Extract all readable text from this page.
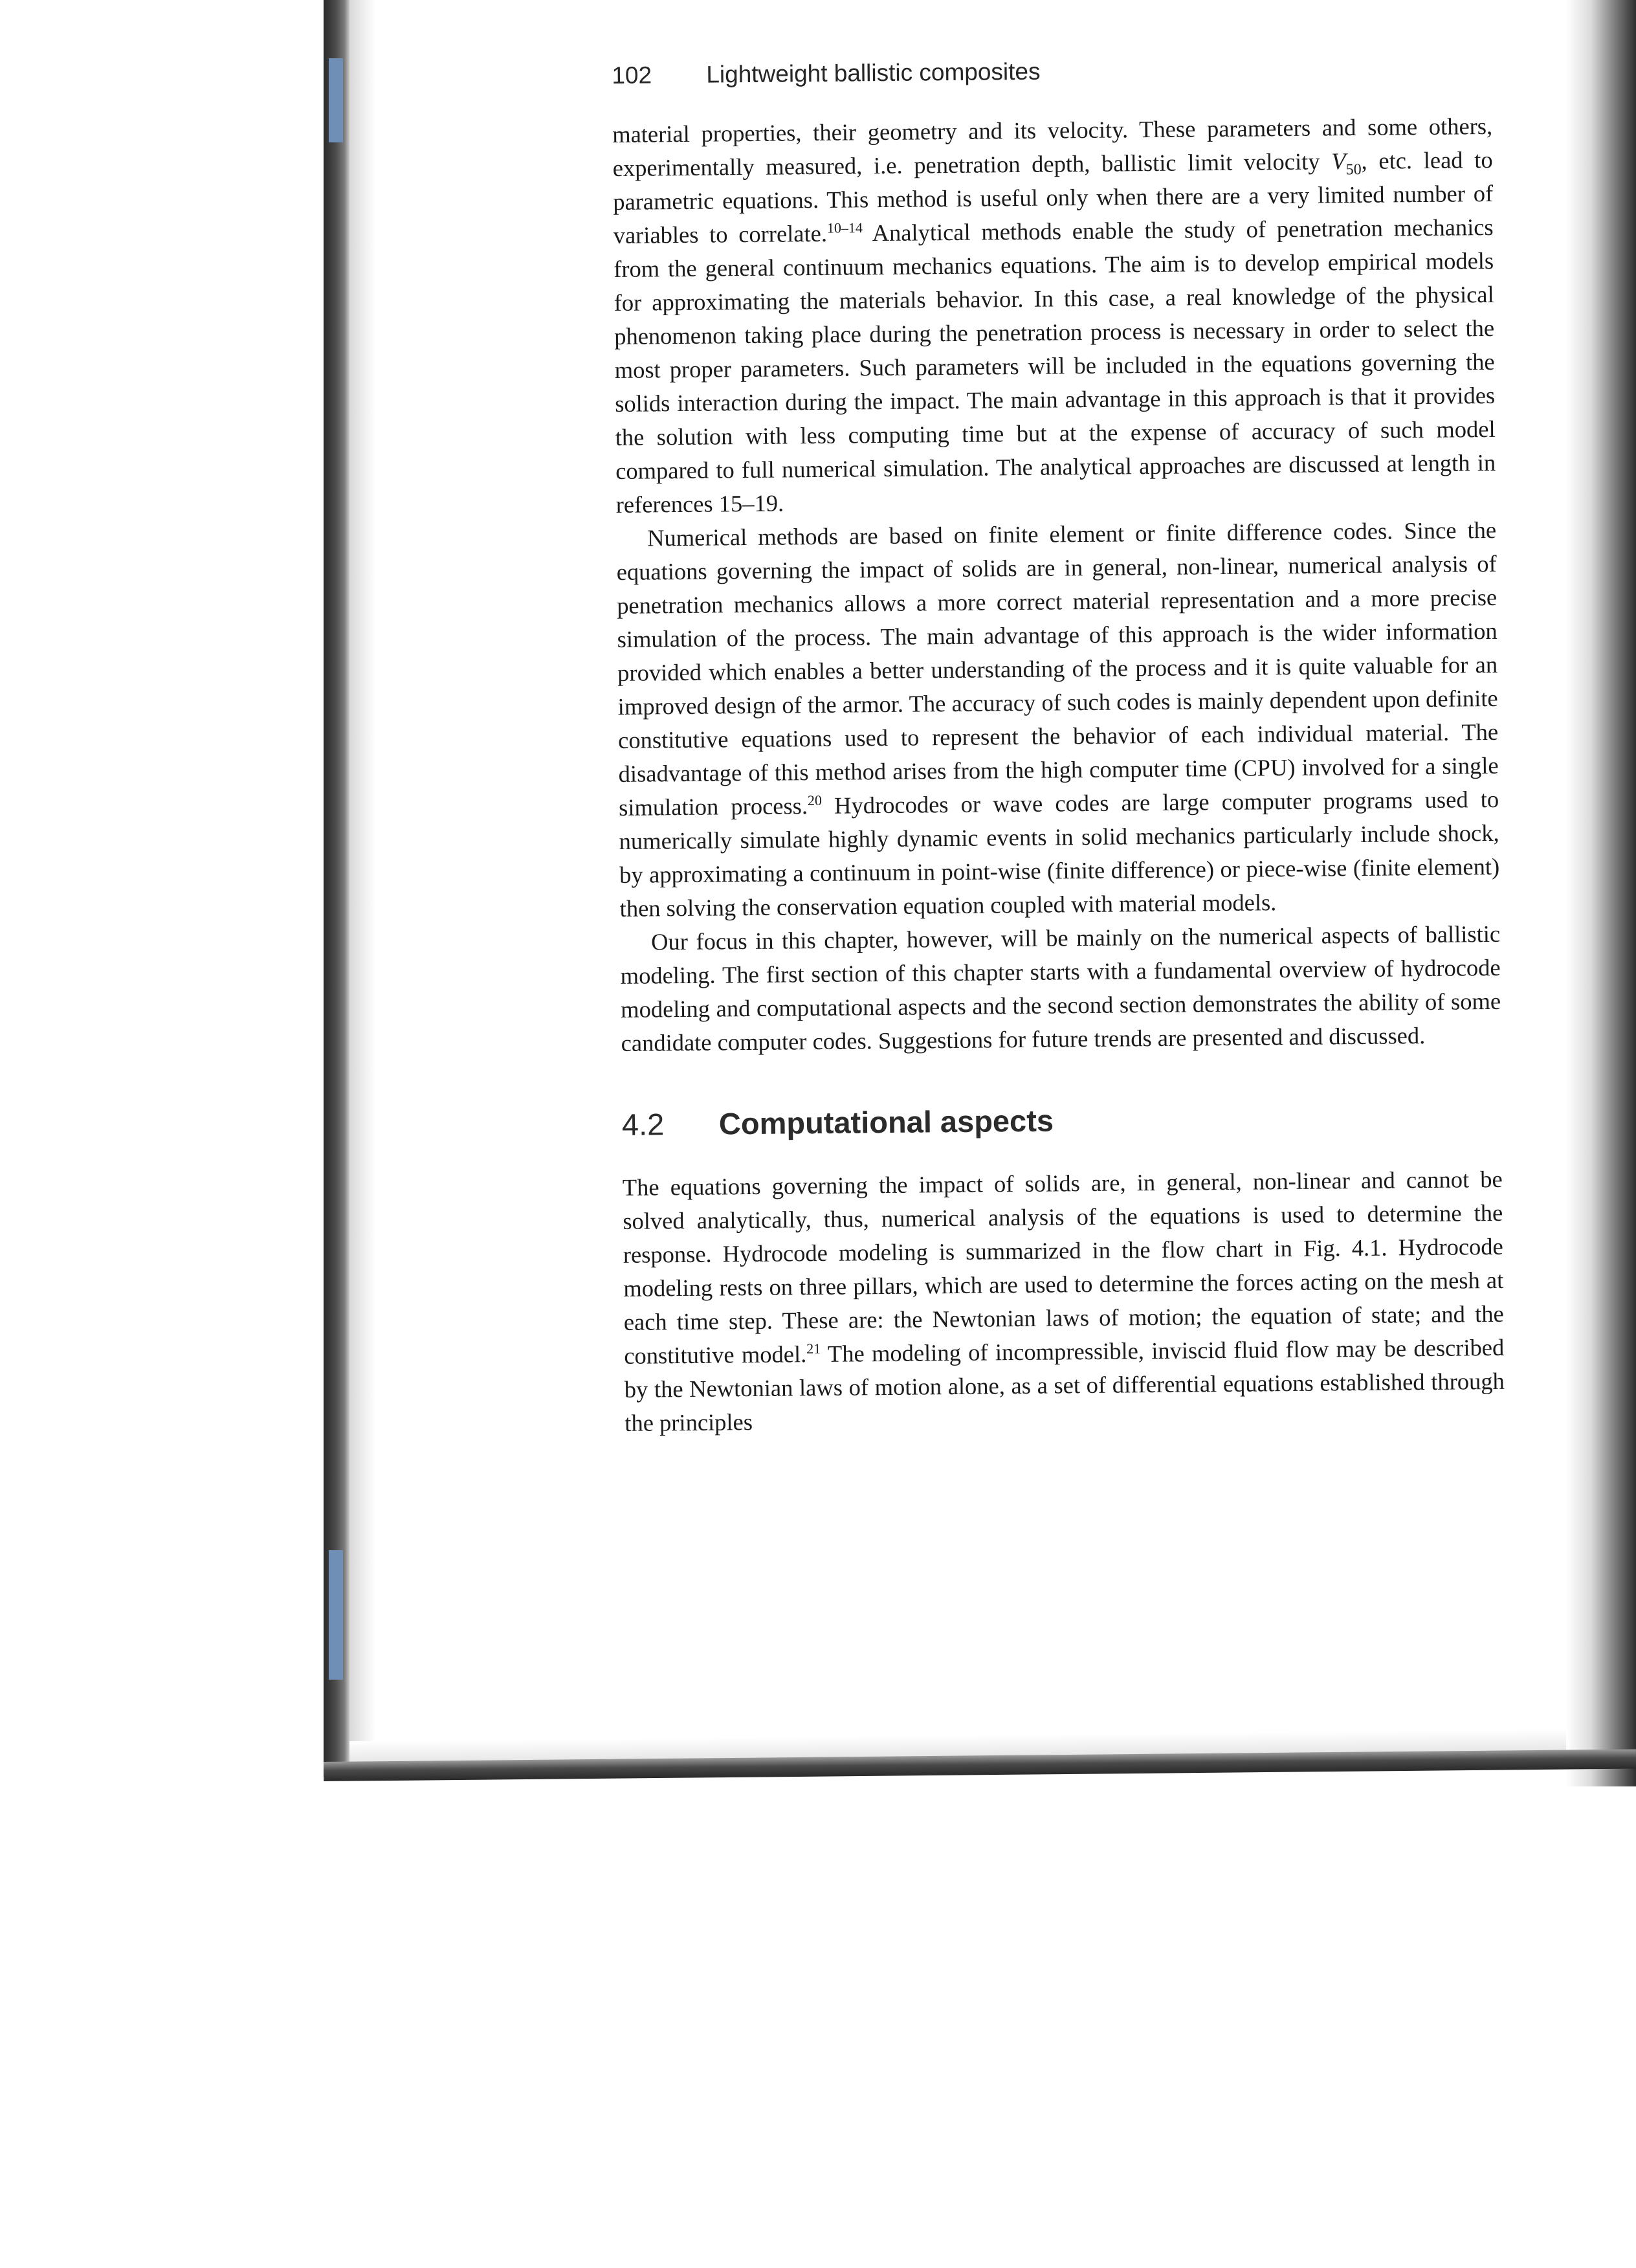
102 Lightweight ballistic composites

material properties, their geometry and its velocity. These parameters and some others, experimentally measured, i.e. penetration depth, ballistic limit velocity $V_{50}$, etc. lead to parametric equations. This method is useful only when there are a very limited number of variables to correlate.$^{10-14}$ Analytical methods enable the study of penetration mechanics from the general continuum mechanics equations. The aim is to develop empirical models for approximating the materials behavior. In this case, a real knowledge of the physical phenomenon taking place during the penetration process is necessary in order to select the most proper parameters. Such parameters will be included in the equations governing the solids interaction during the impact. The main advantage in this approach is that it provides the solution with less computing time but at the expense of accuracy of such model compared to full numerical simulation. The analytical approaches are discussed at length in references 15–19.

Numerical methods are based on finite element or finite difference codes. Since the equations governing the impact of solids are in general, non-linear, numerical analysis of penetration mechanics allows a more correct material representation and a more precise simulation of the process. The main advantage of this approach is the wider information provided which enables a better understanding of the process and it is quite valuable for an improved design of the armor. The accuracy of such codes is mainly dependent upon definite constitutive equations used to represent the behavior of each individual material. The disadvantage of this method arises from the high computer time (CPU) involved for a single simulation process.$^{20}$ Hydrocodes or wave codes are large computer programs used to numerically simulate highly dynamic events in solid mechanics particularly include shock, by approximating a continuum in point-wise (finite difference) or piece-wise (finite element) then solving the conservation equation coupled with material models.

Our focus in this chapter, however, will be mainly on the numerical aspects of ballistic modeling. The first section of this chapter starts with a fundamental overview of hydrocode modeling and computational aspects and the second section demonstrates the ability of some candidate computer codes. Suggestions for future trends are presented and discussed.

4.2 Computational aspects

The equations governing the impact of solids are, in general, non-linear and cannot be solved analytically, thus, numerical analysis of the equations is used to determine the response. Hydrocode modeling is summarized in the flow chart in Fig. 4.1. Hydrocode modeling rests on three pillars, which are used to determine the forces acting on the mesh at each time step. These are: the Newtonian laws of motion; the equation of state; and the constitutive model.$^{21}$ The modeling of incompressible, inviscid fluid flow may be described by the Newtonian laws of motion alone, as a set of differential equations established through the principles
